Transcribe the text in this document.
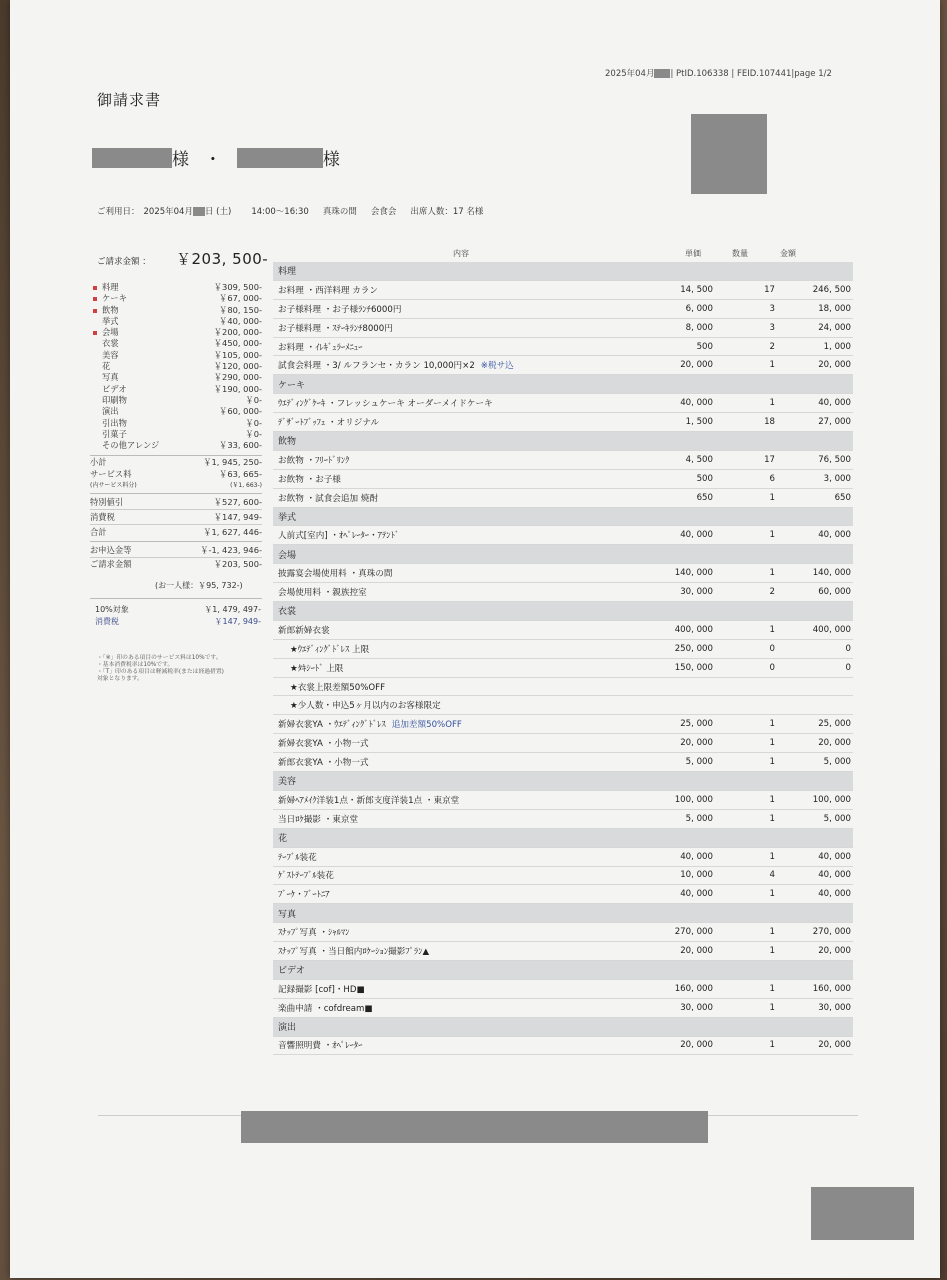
2025年04月 | PtID.106338 | FEID.107441|page 1/2
御請求書
様 ・	様
ご利用日： 2025年04月 日 (土) 14:00～16:30 真珠の間 会食会 出席人数：17 名様
ご請求金額 ： ￥203, 500-
料理	￥309, 500-
ケーキ	￥67, 000-
飲物	￥80, 150-
挙式	￥40, 000-
会場	￥200, 000-
衣裳	￥450, 000-
美容	￥105, 000-
花	￥120, 000-
写真	￥290, 000-
ビデオ	￥190, 000-
印刷物	￥0-
演出	￥60, 000-
引出物	￥0-
引菓子	￥0-
その他アレンジ	￥33, 600-
小計	￥1, 945, 250-
サービス料	￥63, 665-
(内サービス料分)	(￥1, 663-)
特別値引	￥527, 600-
消費税	￥147, 949-
合計	￥1, 627, 446-
お申込金等	￥-1, 423, 946-
ご請求金額	￥203, 500-
(お一人様：￥95, 732-)
10%対象	￥1, 479, 497-
消費税	￥147, 949-
・「※」印のある項目のサービス料は10%です。
・基本消費税率は10%です。
・「T」印のある項目は軽減税率(または経過措置)
対象となります。
内容	単価	数量	金額
料理
お料理 ・西洋料理 カラン	14, 500	17	246, 500
お子様料理 ・お子様ﾗﾝﾁ6000円	6, 000	3	18, 000
お子様料理 ・ｽﾃｰｷﾗﾝﾁ8000円	8, 000	3	24, 000
お料理 ・ｲﾚｷﾞｭﾗｰﾒﾆｭｰ	500	2	1, 000
試食会料理 ・3/ ルフランセ・カラン 10,000円×2 ※税サ込	20, 000	1	20, 000
ケーキ
ｳｴﾃﾞｨﾝｸﾞｹｰｷ ・フレッシュケーキ オーダーメイドケーキ	40, 000	1	40, 000
ﾃﾞｻﾞｰﾄﾌﾞｯﾌｪ ・オリジナル	1, 500	18	27, 000
飲物
お飲物 ・ﾌﾘｰﾄﾞﾘﾝｸ	4, 500	17	76, 500
お飲物 ・お子様	500	6	3, 000
お飲物 ・試食会追加 焼酎	650	1	650
挙式
人前式[室内] ・ｵﾍﾟﾚｰﾀｰ・ｱﾃﾝﾄﾞ	40, 000	1	40, 000
会場
披露宴会場使用料 ・真珠の間	140, 000	1	140, 000
会場使用料 ・親族控室	30, 000	2	60, 000
衣裳
新郎新婦衣裳	400, 000	1	400, 000
★ｳｴﾃﾞｨﾝｸﾞﾄﾞﾚｽ 上限	250, 000	0	0
★ﾀｷｼｰﾄﾞ 上限	150, 000	0	0
★衣裳上限差額50%OFF
★少人数・申込5ヶ月以内のお客様限定
新婦衣裳YA ・ｳｴﾃﾞｨﾝｸﾞﾄﾞﾚｽ 追加差額50%OFF	25, 000	1	25, 000
新婦衣裳YA ・小物一式	20, 000	1	20, 000
新郎衣裳YA ・小物一式	5, 000	1	5, 000
美容
新婦ﾍｱﾒｲｸ洋装1点・新郎支度洋装1点 ・東京堂	100, 000	1	100, 000
当日ﾛｹ撮影 ・東京堂	5, 000	1	5, 000
花
ﾃｰﾌﾞﾙ装花	40, 000	1	40, 000
ｹﾞｽﾄﾃｰﾌﾞﾙ装花	10, 000	4	40, 000
ﾌﾞｰｹ・ﾌﾞｰﾄﾆｱ	40, 000	1	40, 000
写真
ｽﾅｯﾌﾟ写真 ・ｼｬﾙﾏﾝ	270, 000	1	270, 000
ｽﾅｯﾌﾟ写真 ・当日館内ﾛｹｰｼｮﾝ撮影ﾌﾟﾗﾝ▲	20, 000	1	20, 000
ビデオ
記録撮影 [cof]・HD■	160, 000	1	160, 000
楽曲申請 ・cofdream■	30, 000	1	30, 000
演出
音響照明費 ・ｵﾍﾟﾚｰﾀｰ	20, 000	1	20, 000
